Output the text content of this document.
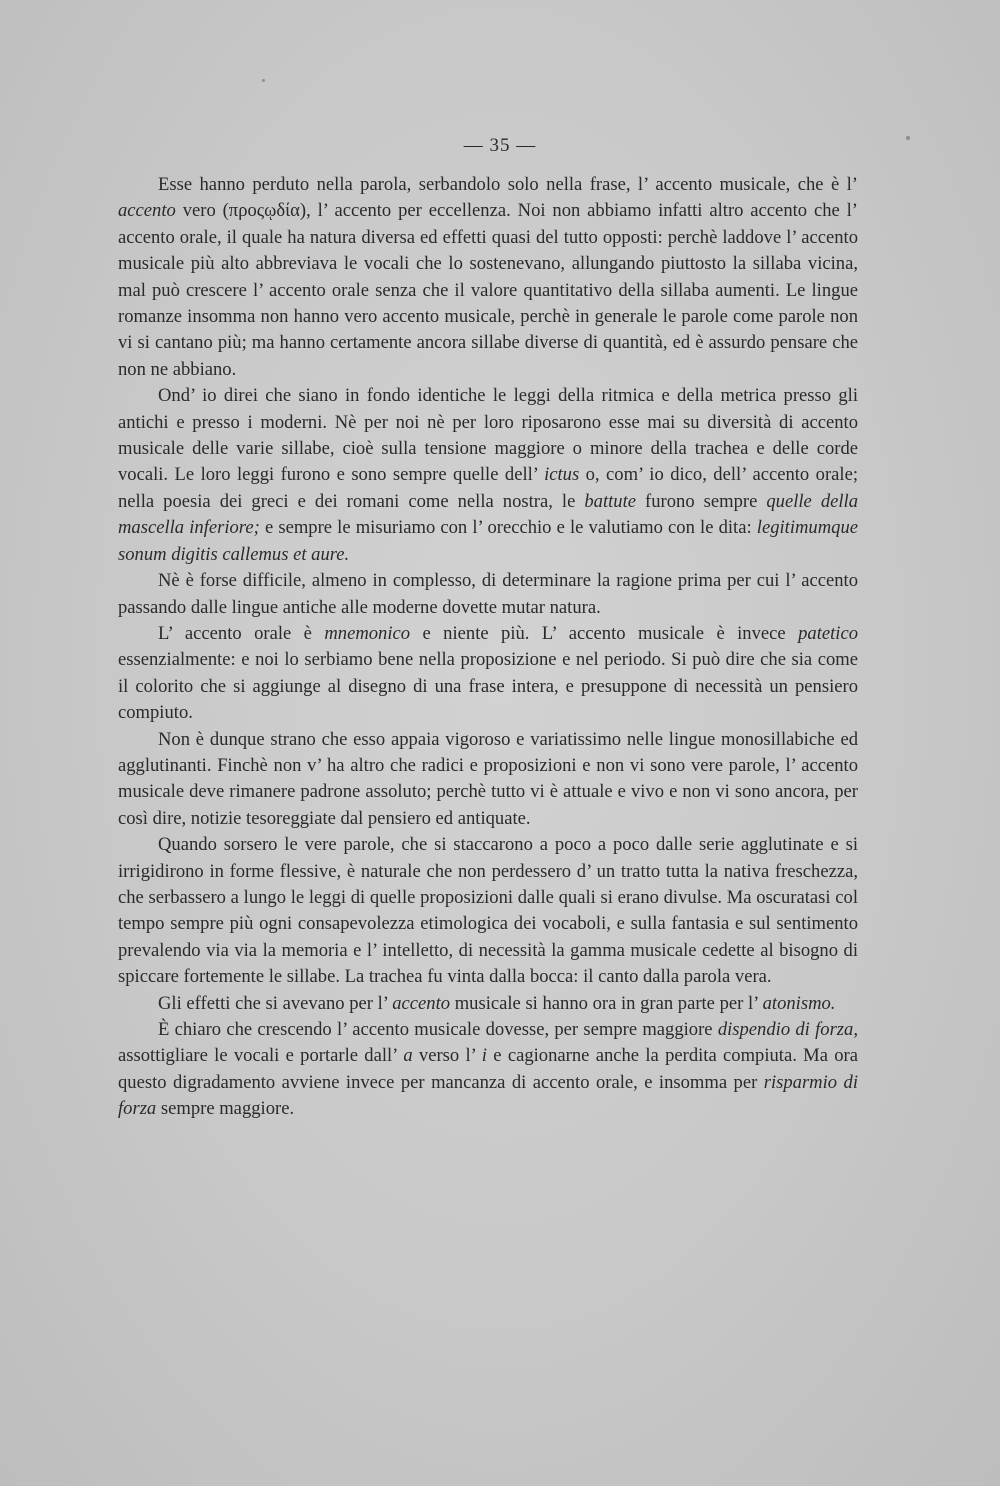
— 35 —

Esse hanno perduto nella parola, serbandolo solo nella frase, l’ accento musicale, che è l’ accento vero (προςῳδία), l’ accento per eccellenza. Noi non abbiamo infatti altro accento che l’ accento orale, il quale ha natura diversa ed effetti quasi del tutto opposti: perchè laddove l’ accento musicale più alto abbreviava le vocali che lo sostenevano, allungando piuttosto la sillaba vicina, mal può crescere l’ accento orale senza che il valore quantitativo della sillaba aumenti. Le lingue romanze insomma non hanno vero accento musicale, perchè in generale le parole come parole non vi si cantano più; ma hanno certamente ancora sillabe diverse di quantità, ed è assurdo pensare che non ne abbiano.

Ond’ io direi che siano in fondo identiche le leggi della ritmica e della metrica presso gli antichi e presso i moderni. Nè per noi nè per loro riposarono esse mai su diversità di accento musicale delle varie sillabe, cioè sulla tensione maggiore o minore della trachea e delle corde vocali. Le loro leggi furono e sono sempre quelle dell’ ictus o, com’ io dico, dell’ accento orale; nella poesia dei greci e dei romani come nella nostra, le battute furono sempre quelle della mascella inferiore; e sempre le misuriamo con l’ orecchio e le valutiamo con le dita: legitimumque sonum digitis callemus et aure.

Nè è forse difficile, almeno in complesso, di determinare la ragione prima per cui l’ accento passando dalle lingue antiche alle moderne dovette mutar natura.

L’ accento orale è mnemonico e niente più. L’ accento musicale è invece patetico essenzialmente: e noi lo serbiamo bene nella proposizione e nel periodo. Si può dire che sia come il colorito che si aggiunge al disegno di una frase intera, e presuppone di necessità un pensiero compiuto.

Non è dunque strano che esso appaia vigoroso e variatissimo nelle lingue monosillabiche ed agglutinanti. Finchè non v’ ha altro che radici e proposizioni e non vi sono vere parole, l’ accento musicale deve rimanere padrone assoluto; perchè tutto vi è attuale e vivo e non vi sono ancora, per così dire, notizie tesoreggiate dal pensiero ed antiquate.

Quando sorsero le vere parole, che si staccarono a poco a poco dalle serie agglutinate e si irrigidirono in forme flessive, è naturale che non perdessero d’ un tratto tutta la nativa freschezza, che serbassero a lungo le leggi di quelle proposizioni dalle quali si erano divulse. Ma oscuratasi col tempo sempre più ogni consapevolezza etimologica dei vocaboli, e sulla fantasia e sul sentimento prevalendo via via la memoria e l’ intelletto, di necessità la gamma musicale cedette al bisogno di spiccare fortemente le sillabe. La trachea fu vinta dalla bocca: il canto dalla parola vera.

Gli effetti che si avevano per l’ accento musicale si hanno ora in gran parte per l’ atonismo.

È chiaro che crescendo l’ accento musicale dovesse, per sempre maggiore dispendio di forza, assottigliare le vocali e portarle dall’ a verso l’ i e cagionarne anche la perdita compiuta. Ma ora questo digradamento avviene invece per mancanza di accento orale, e insomma per risparmio di forza sempre maggiore.
